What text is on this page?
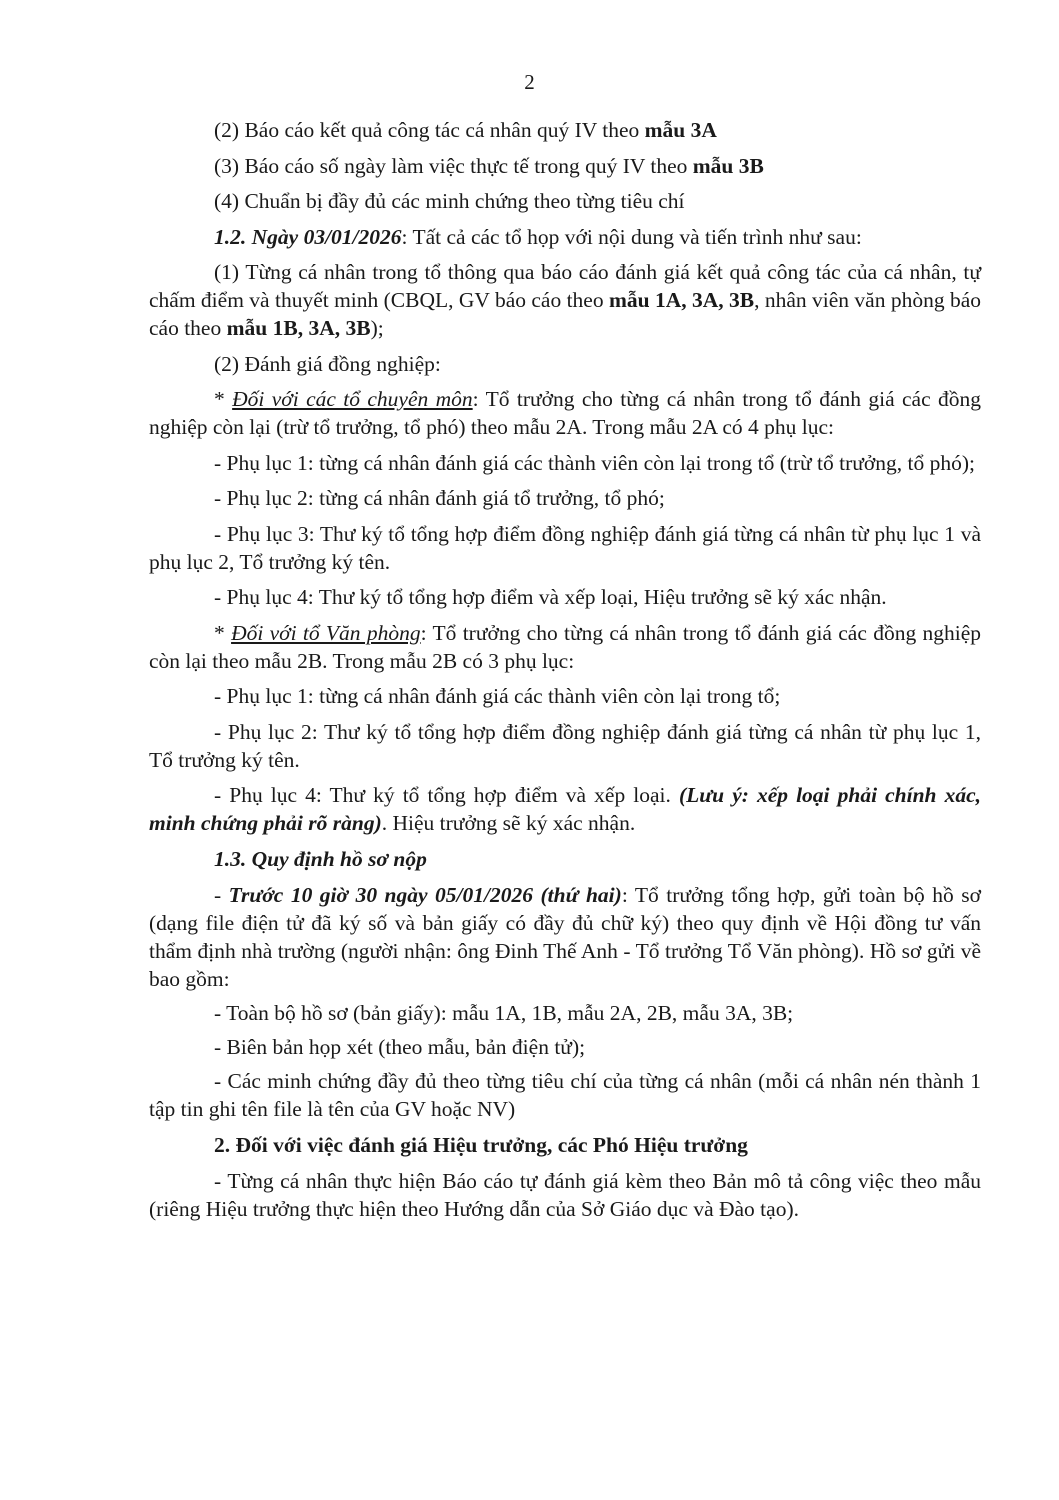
2

(2) Báo cáo kết quả công tác cá nhân quý IV theo mẫu 3A

(3) Báo cáo số ngày làm việc thực tế trong quý IV theo mẫu 3B

(4) Chuẩn bị đầy đủ các minh chứng theo từng tiêu chí

1.2. Ngày 03/01/2026: Tất cả các tổ họp với nội dung và tiến trình như sau:

(1) Từng cá nhân trong tổ thông qua báo cáo đánh giá kết quả công tác của cá nhân, tự chấm điểm và thuyết minh (CBQL, GV báo cáo theo mẫu 1A, 3A, 3B, nhân viên văn phòng báo cáo theo mẫu 1B, 3A, 3B);

(2) Đánh giá đồng nghiệp:

* Đối với các tổ chuyên môn: Tổ trưởng cho từng cá nhân trong tổ đánh giá các đồng nghiệp còn lại (trừ tổ trưởng, tổ phó) theo mẫu 2A. Trong mẫu 2A có 4 phụ lục:

- Phụ lục 1: từng cá nhân đánh giá các thành viên còn lại trong tổ (trừ tổ trưởng, tổ phó);

- Phụ lục 2: từng cá nhân đánh giá tổ trưởng, tổ phó;

- Phụ lục 3: Thư ký tổ tổng hợp điểm đồng nghiệp đánh giá từng cá nhân từ phụ lục 1 và phụ lục 2, Tổ trưởng ký tên.

- Phụ lục 4: Thư ký tổ tổng hợp điểm và xếp loại, Hiệu trưởng sẽ ký xác nhận.

* Đối với tổ Văn phòng: Tổ trưởng cho từng cá nhân trong tổ đánh giá các đồng nghiệp còn lại theo mẫu 2B. Trong mẫu 2B có 3 phụ lục:

- Phụ lục 1: từng cá nhân đánh giá các thành viên còn lại trong tổ;

- Phụ lục 2: Thư ký tổ tổng hợp điểm đồng nghiệp đánh giá từng cá nhân từ phụ lục 1, Tổ trưởng ký tên.

- Phụ lục 4: Thư ký tổ tổng hợp điểm và xếp loại. (Lưu ý: xếp loại phải chính xác, minh chứng phải rõ ràng). Hiệu trưởng sẽ ký xác nhận.

1.3. Quy định hồ sơ nộp

- Trước 10 giờ 30 ngày 05/01/2026 (thứ hai): Tổ trưởng tổng hợp, gửi toàn bộ hồ sơ (dạng file điện tử đã ký số và bản giấy có đầy đủ chữ ký) theo quy định về Hội đồng tư vấn thẩm định nhà trường (người nhận: ông Đinh Thế Anh - Tổ trưởng Tổ Văn phòng). Hồ sơ gửi về bao gồm:

- Toàn bộ hồ sơ (bản giấy): mẫu 1A, 1B, mẫu 2A, 2B, mẫu 3A, 3B;

- Biên bản họp xét (theo mẫu, bản điện tử);

- Các minh chứng đầy đủ theo từng tiêu chí của từng cá nhân (mỗi cá nhân nén thành 1 tập tin ghi tên file là tên của GV hoặc NV)

2. Đối với việc đánh giá Hiệu trưởng, các Phó Hiệu trưởng

- Từng cá nhân thực hiện Báo cáo tự đánh giá kèm theo Bản mô tả công việc theo mẫu (riêng Hiệu trưởng thực hiện theo Hướng dẫn của Sở Giáo dục và Đào tạo).
